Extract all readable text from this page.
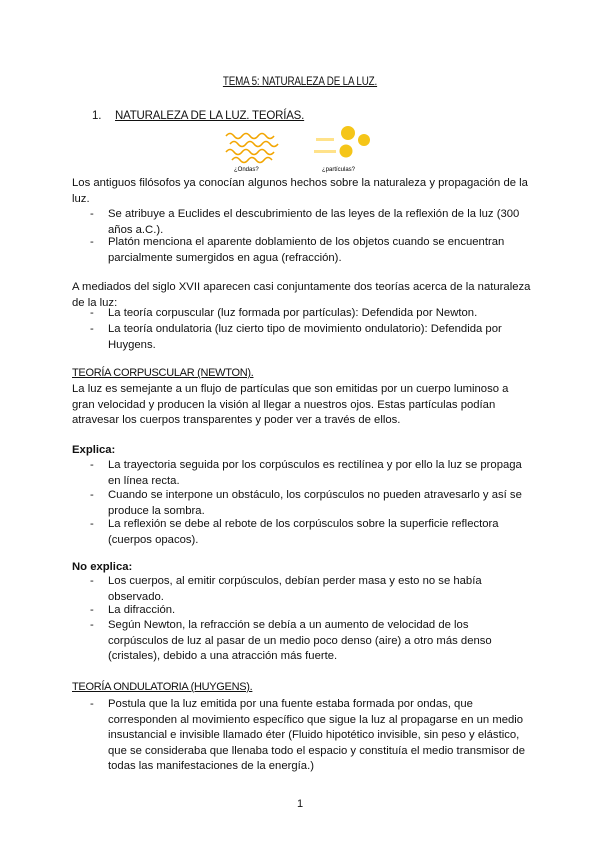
TEMA 5: NATURALEZA DE LA LUZ.
1. NATURALEZA DE LA LUZ. TEORÍAS.
¿Ondas?	¿partículas?
Los antiguos filósofos ya conocían algunos hechos sobre la naturaleza y propagación de la luz.
- Se atribuye a Euclides el descubrimiento de las leyes de la reflexión de la luz (300 años a.C.).
- Platón menciona el aparente doblamiento de los objetos cuando se encuentran parcialmente sumergidos en agua (refracción).
A mediados del siglo XVII aparecen casi conjuntamente dos teorías acerca de la naturaleza de la luz:
- La teoría corpuscular (luz formada por partículas): Defendida por Newton.
- La teoría ondulatoria (luz cierto tipo de movimiento ondulatorio): Defendida por Huygens.
TEORÍA CORPUSCULAR (NEWTON).
La luz es semejante a un flujo de partículas que son emitidas por un cuerpo luminoso a gran velocidad y producen la visión al llegar a nuestros ojos. Estas partículas podían atravesar los cuerpos transparentes y poder ver a través de ellos.
Explica:
- La trayectoria seguida por los corpúsculos es rectilínea y por ello la luz se propaga en línea recta.
- Cuando se interpone un obstáculo, los corpúsculos no pueden atravesarlo y así se produce la sombra.
- La reflexión se debe al rebote de los corpúsculos sobre la superficie reflectora (cuerpos opacos).
No explica:
- Los cuerpos, al emitir corpúsculos, debían perder masa y esto no se había observado.
- La difracción.
- Según Newton, la refracción se debía a un aumento de velocidad de los corpúsculos de luz al pasar de un medio poco denso (aire) a otro más denso (cristales), debido a una atracción más fuerte.
TEORÍA ONDULATORIA (HUYGENS).
- Postula que la luz emitida por una fuente estaba formada por ondas, que corresponden al movimiento específico que sigue la luz al propagarse en un medio insustancial e invisible llamado éter (Fluido hipotético invisible, sin peso y elástico, que se consideraba que llenaba todo el espacio y constituía el medio transmisor de todas las manifestaciones de la energía.)
1
